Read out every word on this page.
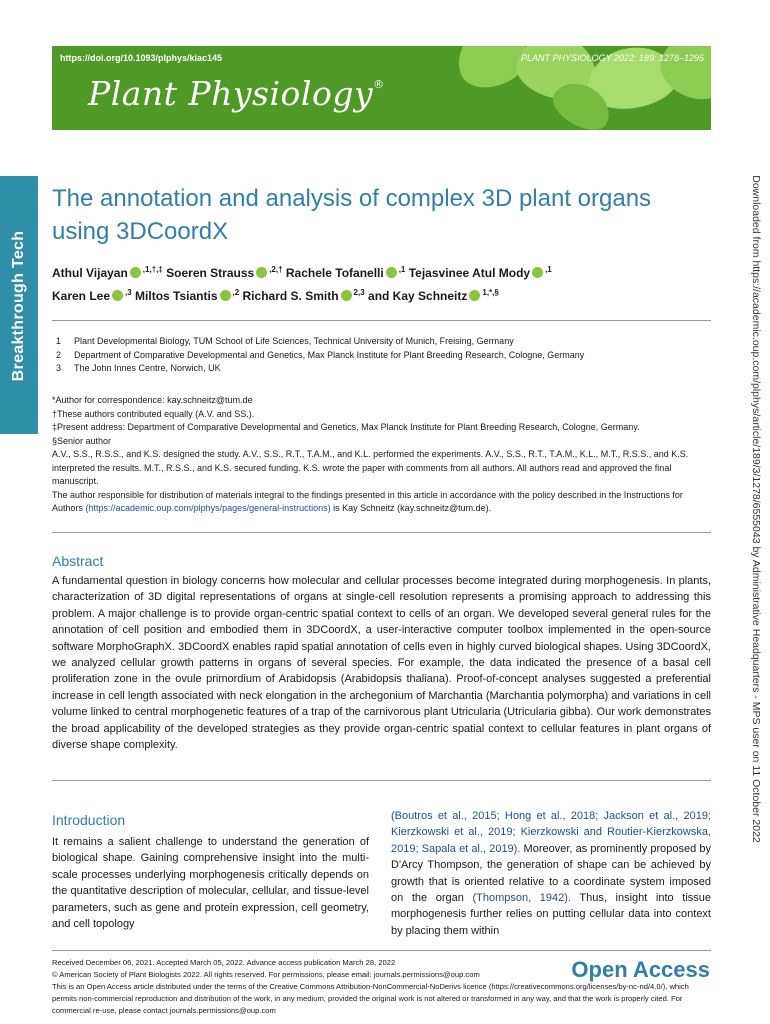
https://doi.org/10.1093/plphys/kiac145	PLANT PHYSIOLOGY 2022: 189: 1278–1295
Plant Physiology®
Breakthrough Tech	Downloaded from https://academic.oup.com/plphys/article/189/3/1278/6555043 by Administrative Headquarters - MPS user on 11 October 2022
The annotation and analysis of complex 3D plant organs using 3DCoordX
Athul Vijayan $^{,1,\dagger,\ddagger}$ Soeren Strauss $^{,2,\dagger}$ Rachele Tofanelli $^{,1}$ Tejasvinee Atul Mody $^{,1}$
Karen Lee $^{,3}$ Miltos Tsiantis $^{,2}$ Richard S. Smith $^{2,3}$ and Kay Schneitz $^{1,*,\S}$
1 Plant Developmental Biology, TUM School of Life Sciences, Technical University of Munich, Freising, Germany
2 Department of Comparative Developmental and Genetics, Max Planck Institute for Plant Breeding Research, Cologne, Germany
3 The John Innes Centre, Norwich, UK

*Author for correspondence: kay.schneitz@tum.de

†These authors contributed equally (A.V. and SS.).

‡Present address: Department of Comparative Developmental and Genetics, Max Planck Institute for Plant Breeding Research, Cologne, Germany.

§Senior author

A.V., S.S., R.S.S., and K.S. designed the study. A.V., S.S., R.T., T.A.M., and K.L. performed the experiments. A.V., S.S., R.T., T.A.M., K.L., M.T., R.S.S., and K.S. interpreted the results. M.T., R.S.S., and K.S. secured funding. K.S. wrote the paper with comments from all authors. All authors read and approved the final manuscript.

The author responsible for distribution of materials integral to the findings presented in this article in accordance with the policy described in the Instructions for Authors (https://academic.oup.com/plphys/pages/general-instructions) is Kay Schneitz (kay.schneitz@tum.de).

Abstract

A fundamental question in biology concerns how molecular and cellular processes become integrated during morphogenesis. In plants, characterization of 3D digital representations of organs at single-cell resolution represents a promising approach to addressing this problem. A major challenge is to provide organ-centric spatial context to cells of an organ. We developed several general rules for the annotation of cell position and embodied them in 3DCoordX, a user-interactive computer toolbox implemented in the open-source software MorphoGraphX. 3DCoordX enables rapid spatial annotation of cells even in highly curved biological shapes. Using 3DCoordX, we analyzed cellular growth patterns in organs of several species. For example, the data indicated the presence of a basal cell proliferation zone in the ovule primordium of Arabidopsis (Arabidopsis thaliana). Proof-of-concept analyses suggested a preferential increase in cell length associated with neck elongation in the archegonium of Marchantia (Marchantia polymorpha) and variations in cell volume linked to central morphogenetic features of a trap of the carnivorous plant Utricularia (Utricularia gibba). Our work demonstrates the broad applicability of the developed strategies as they provide organ-centric spatial context to cellular features in plant organs of diverse shape complexity.

Introduction

It remains a salient challenge to understand the generation of biological shape. Gaining comprehensive insight into the multi-scale processes underlying morphogenesis critically depends on the quantitative description of molecular, cellular, and tissue-level parameters, such as gene and protein expression, cell geometry, and cell topology

(Boutros et al., 2015; Hong et al., 2018; Jackson et al., 2019; Kierzkowski et al., 2019; Kierzkowski and Routier-Kierzkowska, 2019; Sapala et al., 2019). Moreover, as prominently proposed by D'Arcy Thompson, the generation of shape can be achieved by growth that is oriented relative to a coordinate system imposed on the organ (Thompson, 1942). Thus, insight into tissue morphogenesis further relies on putting cellular data into context by placing them within

Received December 06, 2021. Accepted March 05, 2022. Advance access publication March 28, 2022

© American Society of Plant Biologists 2022. All rights reserved. For permissions, please email: journals.permissions@oup.com

This is an Open Access article distributed under the terms of the Creative Commons Attribution-NonCommercial-NoDerivs licence (https://creativecommons.org/licenses/by-nc-nd/4.0/), which permits non-commercial reproduction and distribution of the work, in any medium, provided the original work is not altered or transformed in any way, and that the work is properly cited. For commercial re-use, please contact journals.permissions@oup.com

Open Access
